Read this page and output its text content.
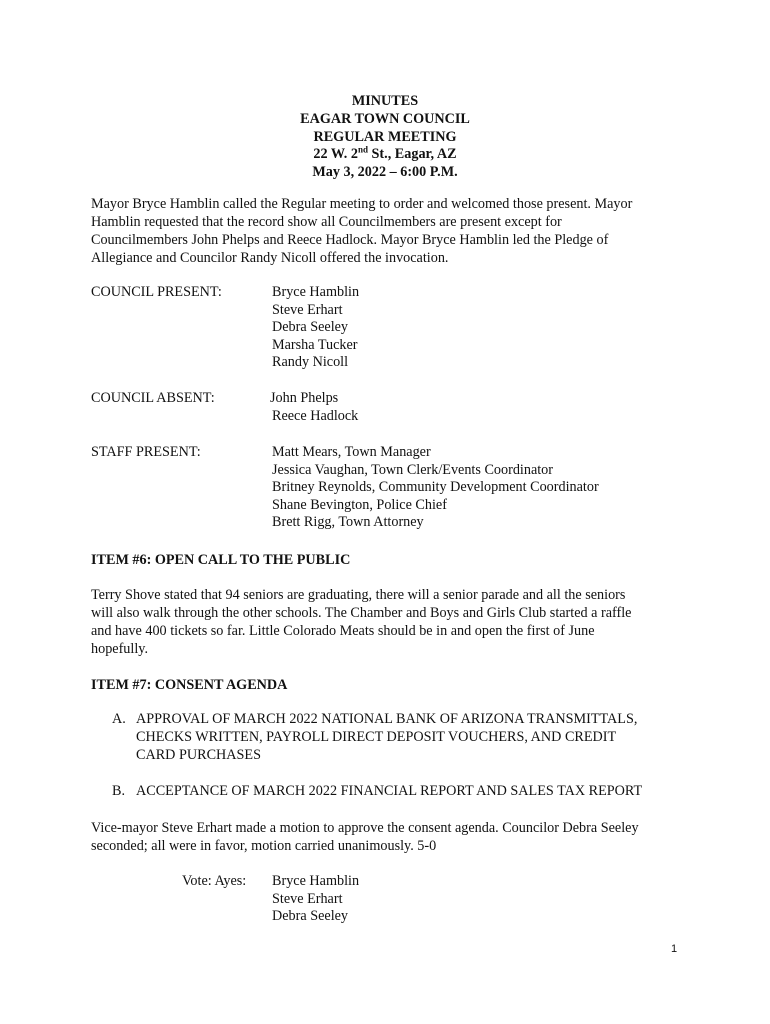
MINUTES
EAGAR TOWN COUNCIL
REGULAR MEETING
22 W. 2nd St., Eagar, AZ
May 3, 2022 – 6:00 P.M.
Mayor Bryce Hamblin called the Regular meeting to order and welcomed those present. Mayor
Hamblin requested that the record show all Councilmembers are present except for
Councilmembers John Phelps and Reece Hadlock. Mayor Bryce Hamblin led the Pledge of
Allegiance and Councilor Randy Nicoll offered the invocation.
COUNCIL PRESENT:	Bryce Hamblin
Steve Erhart
Debra Seeley
Marsha Tucker
Randy Nicoll
COUNCIL ABSENT:	John Phelps
Reece Hadlock
STAFF PRESENT:	Matt Mears, Town Manager
Jessica Vaughan, Town Clerk/Events Coordinator
Britney Reynolds, Community Development Coordinator
Shane Bevington, Police Chief
Brett Rigg, Town Attorney
ITEM #6: OPEN CALL TO THE PUBLIC
Terry Shove stated that 94 seniors are graduating, there will a senior parade and all the seniors
will also walk through the other schools. The Chamber and Boys and Girls Club started a raffle
and have 400 tickets so far. Little Colorado Meats should be in and open the first of June
hopefully.
ITEM #7: CONSENT AGENDA
A. APPROVAL OF MARCH 2022 NATIONAL BANK OF ARIZONA TRANSMITTALS,
CHECKS WRITTEN, PAYROLL DIRECT DEPOSIT VOUCHERS, AND CREDIT
CARD PURCHASES
B. ACCEPTANCE OF MARCH 2022 FINANCIAL REPORT AND SALES TAX REPORT
Vice-mayor Steve Erhart made a motion to approve the consent agenda. Councilor Debra Seeley
seconded; all were in favor, motion carried unanimously. 5-0
Vote: Ayes: Bryce Hamblin
Steve Erhart
Debra Seeley
1
